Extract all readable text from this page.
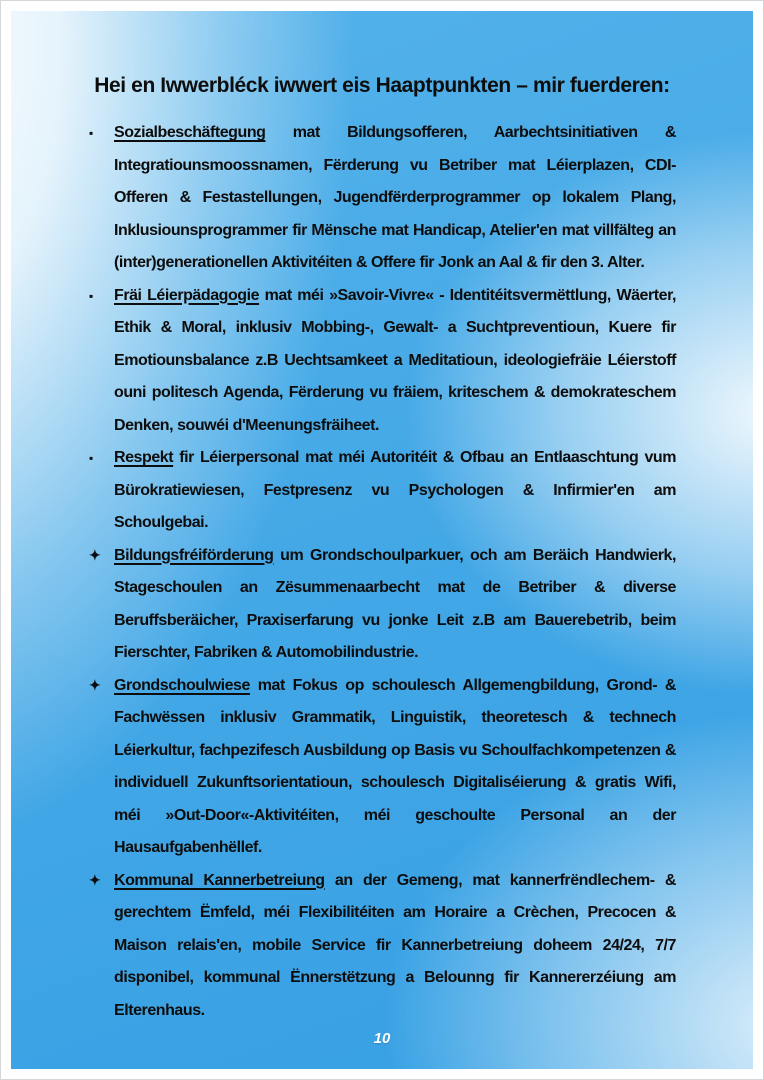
Hei en Iwwerbléck iwwert eis Haaptpunkten – mir fuerderen:
▪ Sozialbeschäftegung mat Bildungsofferen, Aarbechtsinitiativen & Integratiounsmoossnamen, Fërderung vu Betriber mat Léierplazen, CDI-Offeren & Festastellungen, Jugendfërderprogrammer op lokalem Plang, Inklusiounsprogrammer fir Mënsche mat Handicap, Atelier'en mat villfälteg an (inter)generationellen Aktivitéiten & Offere fir Jonk an Aal & fir den 3. Alter.
▪ Fräi Léierpädagogie mat méi »Savoir-Vivre« - Identitéitsvermëttlung, Wäerter, Ethik & Moral, inklusiv Mobbing-, Gewalt- a Suchtpreventioun, Kuere fir Emotiounsbalance z.B Uechtsamkeet a Meditatioun, ideologiefräie Léierstoff ouni politesch Agenda, Fërderung vu fräiem, kriteschem & demokrateschem Denken, souwéi d'Meenungsfräiheet.
▪ Respekt fir Léierpersonal mat méi Autoritéit & Ofbau an Entlaaschtung vum Bürokratiewiesen, Festpresenz vu Psychologen & Infirmier'en am Schoulgebai.
✦ Bildungsfréiförderung um Grondschoulparkuer, och am Beräich Handwierk, Stageschoulen an Zësummenaarbecht mat de Betriber & diverse Beruffsberäicher, Praxiserfarung vu jonke Leit z.B am Bauerebetrib, beim Fierschter, Fabriken & Automobilindustrie.
✦ Grondschoulwiese mat Fokus op schoulesch Allgemengbildung, Grond- & Fachwëssen inklusiv Grammatik, Linguistik, theoretesch & technech Léierkultur, fachpezifesch Ausbildung op Basis vu Schoulfachkompetenzen & individuell Zukunftsorientatioun, schoulesch Digitaliséierung & gratis Wifi, méi »Out-Door«-Aktivitéiten, méi geschoulte Personal an der Hausaufgabenhëllef.
✦ Kommunal Kannerbetreiung an der Gemeng, mat kannerfrëndlechem- & gerechtem Ëmfeld, méi Flexibilitéiten am Horaire a Crèchen, Precocen & Maison relais'en, mobile Service fir Kannerbetreiung doheem 24/24, 7/7 disponibel, kommunal Ënnerstëtzung a Belounng fir Kannererzéiung am Elterenhaus.
10
